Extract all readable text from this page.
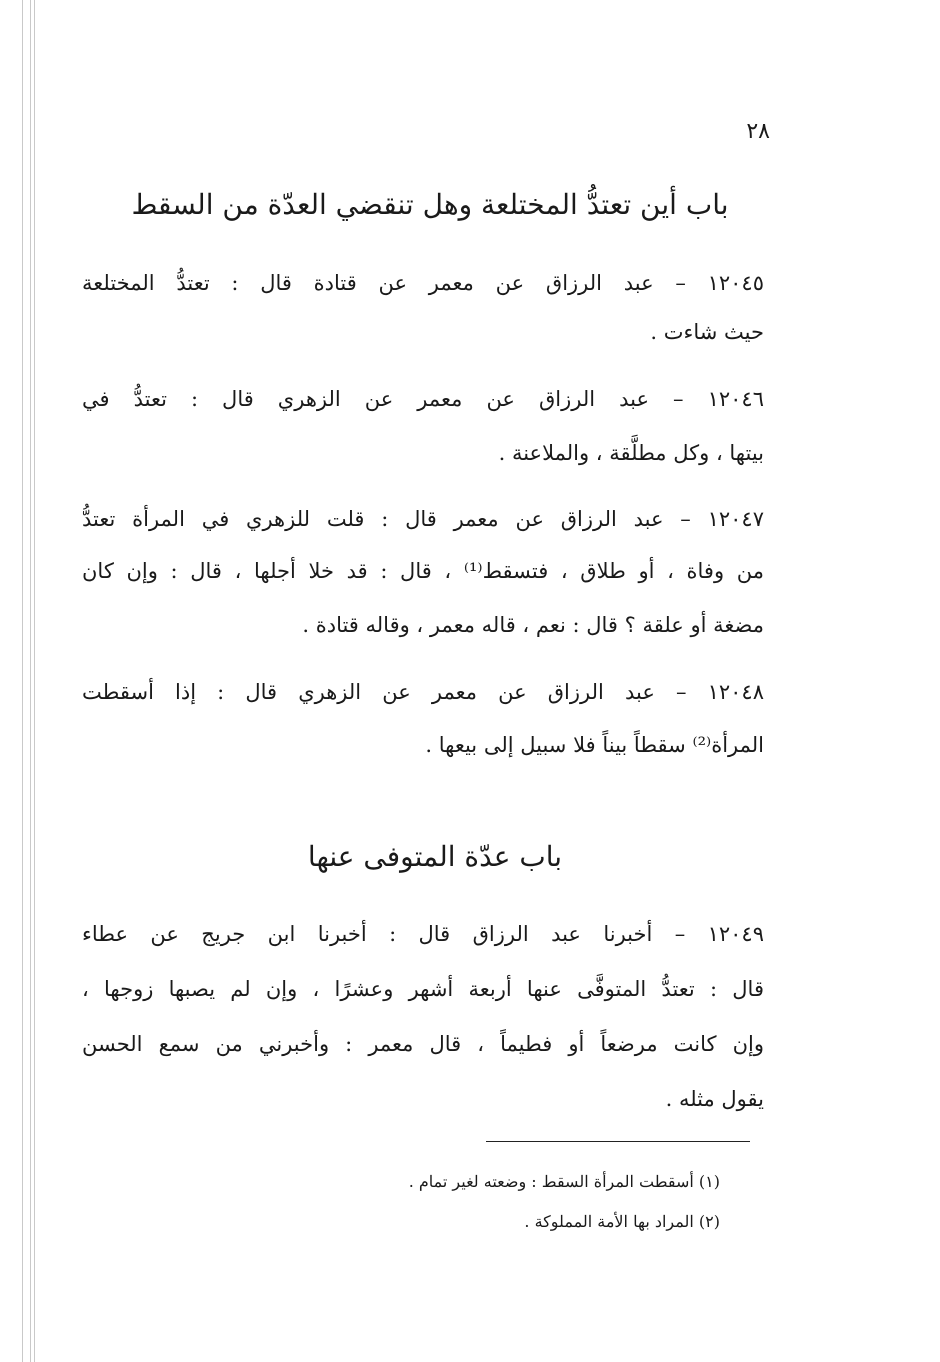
٢٨
باب أين تعتدُّ المختلعة وهل تنقضي العدّة من السقط
١٢٠٤٥ – عبد الرزاق عن معمر عن قتادة قال : تعتدُّ المختلعة
حيث شاءت .
١٢٠٤٦ – عبد الرزاق عن معمر عن الزهري قال : تعتدُّ في
بيتها ، وكل مطلَّقة ، والملاعنة .
١٢٠٤٧ – عبد الرزاق عن معمر قال : قلت للزهري في المرأة تعتدُّ
من وفاة ، أو طلاق ، فتسقط⁽¹⁾ ، قال : قد خلا أجلها ، قال : وإن كان
مضغة أو علقة ؟ قال : نعم ، قاله معمر ، وقاله قتادة .
١٢٠٤٨ – عبد الرزاق عن معمر عن الزهري قال : إذا أسقطت
المرأة⁽²⁾ سقطاً بيناً فلا سبيل إلى بيعها .
باب عدّة المتوفى عنها
١٢٠٤٩ – أخبرنا عبد الرزاق قال : أخبرنا ابن جريج عن عطاء
قال : تعتدُّ المتوفَّى عنها أربعة أشهر وعشرًا ، وإن لم يصبها زوجها ،
وإن كانت مرضعاً أو فطيماً ، قال معمر : وأخبرني من سمع الحسن
يقول مثله .
(١) أسقطت المرأة السقط : وضعته لغير تمام .
(٢) المراد بها الأمة المملوكة .
